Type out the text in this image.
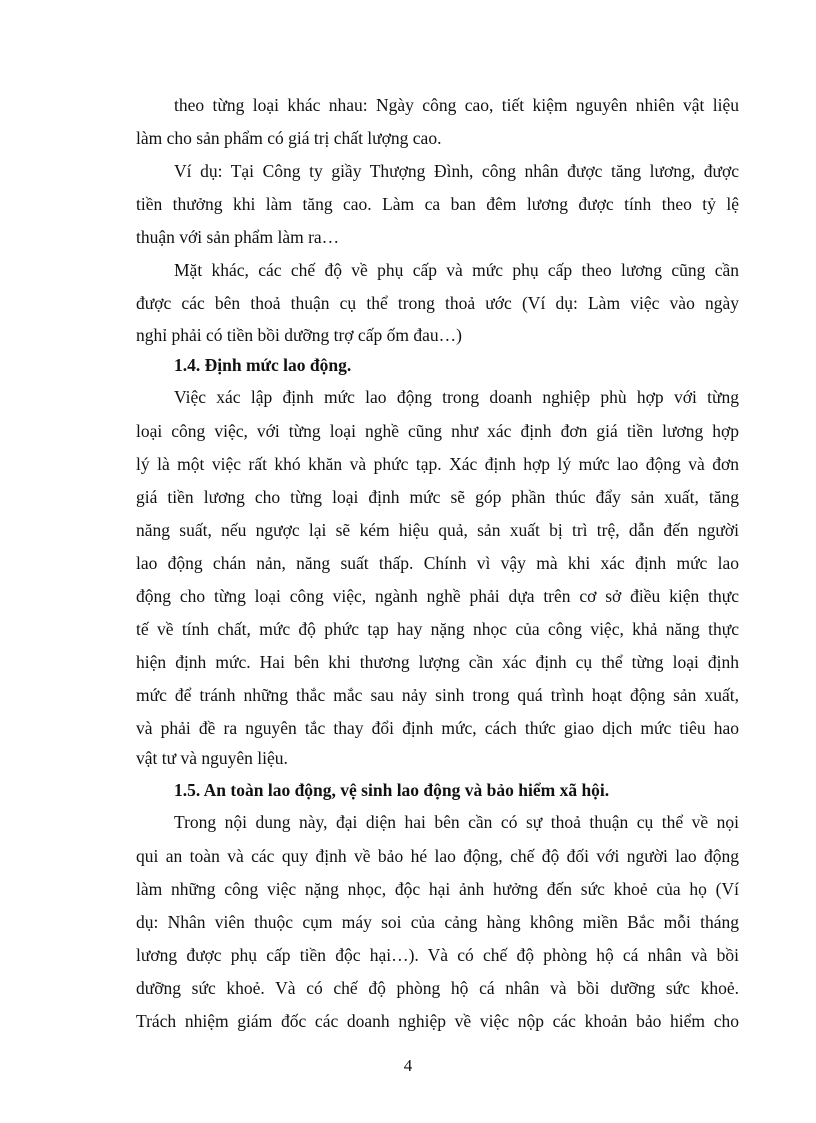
theo từng loại khác nhau: Ngày công cao, tiết kiệm nguyên nhiên vật liệu
làm cho sản phẩm có giá trị chất lượng cao.
Ví dụ: Tại Công ty giầy Thượng Đình, công nhân được tăng lương, được
tiền thưởng khi làm tăng cao. Làm ca ban đêm lương được tính theo tỷ lệ
thuận với sản phẩm làm ra…
Mặt khác, các chế độ về phụ cấp và mức phụ cấp theo lương cũng cần
được các bên thoả thuận cụ thể trong thoả ước (Ví dụ: Làm việc vào ngày
nghỉ phải có tiền bồi dưỡng trợ cấp ốm đau…)
1.4. Định mức lao động.
Việc xác lập định mức lao động trong doanh nghiệp phù hợp với từng
loại công việc, với từng loại nghề cũng như xác định đơn giá tiền lương hợp
lý là một việc rất khó khăn và phức tạp. Xác định hợp lý mức lao động và đơn
giá tiền lương cho từng loại định mức sẽ góp phần thúc đẩy sản xuất, tăng
năng suất, nếu ngược lại sẽ kém hiệu quả, sản xuất bị trì trệ, dẫn đến người
lao động chán nản, năng suất thấp. Chính vì vậy mà khi xác định mức lao
động cho từng loại công việc, ngành nghề phải dựa trên cơ sở điều kiện thực
tế về tính chất, mức độ phức tạp hay nặng nhọc của công việc, khả năng thực
hiện định mức. Hai bên khi thương lượng cần xác định cụ thể từng loại định
mức để tránh những thắc mắc sau nảy sinh trong quá trình hoạt động sản xuất,
và phải đề ra nguyên tắc thay đổi định mức, cách thức giao dịch mức tiêu hao
vật tư và nguyên liệu.
1.5. An toàn lao động, vệ sinh lao động và bảo hiểm xã hội.
Trong nội dung này, đại diện hai bên cần có sự thoả thuận cụ thể về nọi
qui an toàn và các quy định về bảo hé lao động, chế độ đối với người lao động
làm những công việc nặng nhọc, độc hại ảnh hưởng đến sức khoẻ của họ (Ví
dụ: Nhân viên thuộc cụm máy soi của cảng hàng không miền Bắc mỗi tháng
lương được phụ cấp tiền độc hại…). Và có chế độ phòng hộ cá nhân và bồi
dưỡng sức khoẻ. Và có chế độ phòng hộ cá nhân và bồi dưỡng sức khoẻ.
Trách nhiệm giám đốc các doanh nghiệp về việc nộp các khoản bảo hiểm cho
4
